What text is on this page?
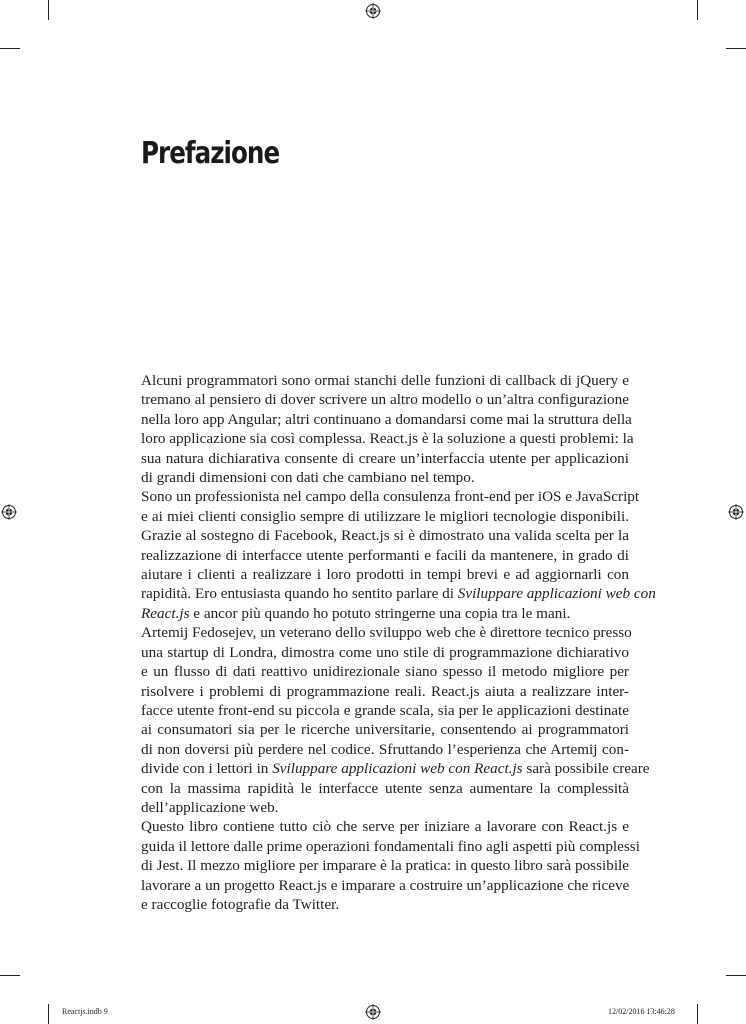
Prefazione

Alcuni programmatori sono ormai stanchi delle funzioni di callback di jQuery e
tremano al pensiero di dover scrivere un altro modello o un’altra configurazione
nella loro app Angular; altri continuano a domandarsi come mai la struttura della
loro applicazione sia così complessa. React.js è la soluzione a questi problemi: la
sua natura dichiarativa consente di creare un’interfaccia utente per applicazioni
di grandi dimensioni con dati che cambiano nel tempo.

Sono un professionista nel campo della consulenza front-end per iOS e JavaScript
e ai miei clienti consiglio sempre di utilizzare le migliori tecnologie disponibili.
Grazie al sostegno di Facebook, React.js si è dimostrato una valida scelta per la
realizzazione di interfacce utente performanti e facili da mantenere, in grado di
aiutare i clienti a realizzare i loro prodotti in tempi brevi e ad aggiornarli con
rapidità. Ero entusiasta quando ho sentito parlare di Sviluppare applicazioni web con
React.js e ancor più quando ho potuto stringerne una copia tra le mani.

Artemij Fedosejev, un veterano dello sviluppo web che è direttore tecnico presso
una startup di Londra, dimostra come uno stile di programmazione dichiarativo
e un flusso di dati reattivo unidirezionale siano spesso il metodo migliore per
risolvere i problemi di programmazione reali. React.js aiuta a realizzare inter-
facce utente front-end su piccola e grande scala, sia per le applicazioni destinate
ai consumatori sia per le ricerche universitarie, consentendo ai programmatori
di non doversi più perdere nel codice. Sfruttando l’esperienza che Artemij con-
divide con i lettori in Sviluppare applicazioni web con React.js sarà possibile creare
con la massima rapidità le interfacce utente senza aumentare la complessità
dell’applicazione web.

Questo libro contiene tutto ciò che serve per iniziare a lavorare con React.js e
guida il lettore dalle prime operazioni fondamentali fino agli aspetti più complessi
di Jest. Il mezzo migliore per imparare è la pratica: in questo libro sarà possibile
lavorare a un progetto React.js e imparare a costruire un’applicazione che riceve
e raccoglie fotografie da Twitter.

Reactjs.indb 9	12/02/2016 13:46:28
